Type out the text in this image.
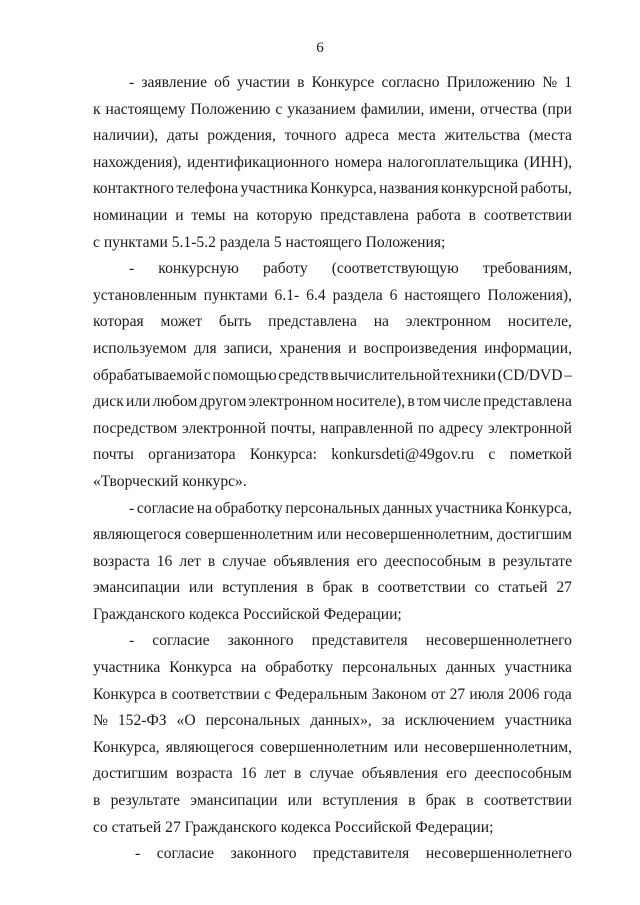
6
- заявление об участии в Конкурсе согласно Приложению № 1
к настоящему Положению с указанием фамилии, имени, отчества (при
наличии), даты рождения, точного адреса места жительства (места
нахождения), идентификационного номера налогоплательщика (ИНН),
контактного телефона участника Конкурса, названия конкурсной работы,
номинации и темы на которую представлена работа в соответствии
с пунктами 5.1-5.2 раздела 5 настоящего Положения;
- конкурсную работу (соответствующую требованиям,
установленным пунктами 6.1- 6.4 раздела 6 настоящего Положения),
которая может быть представлена на электронном носителе,
используемом для записи, хранения и воспроизведения информации,
обрабатываемой с помощью средств вычислительной техники (CD/DVD –
диск или любом другом электронном носителе), в том числе представлена
посредством электронной почты, направленной по адресу электронной
почты организатора Конкурса: konkursdeti@49gov.ru с пометкой
«Творческий конкурс».
- согласие на обработку персональных данных участника Конкурса,
являющегося совершеннолетним или несовершеннолетним, достигшим
возраста 16 лет в случае объявления его дееспособным в результате
эмансипации или вступления в брак в соответствии со статьей 27
Гражданского кодекса Российской Федерации;
- согласие законного представителя несовершеннолетнего
участника Конкурса на обработку персональных данных участника
Конкурса в соответствии с Федеральным Законом от 27 июля 2006 года
№ 152-ФЗ «О персональных данных», за исключением участника
Конкурса, являющегося совершеннолетним или несовершеннолетним,
достигшим возраста 16 лет в случае объявления его дееспособным
в результате эмансипации или вступления в брак в соответствии
со статьей 27 Гражданского кодекса Российской Федерации;
- согласие законного представителя несовершеннолетнего
